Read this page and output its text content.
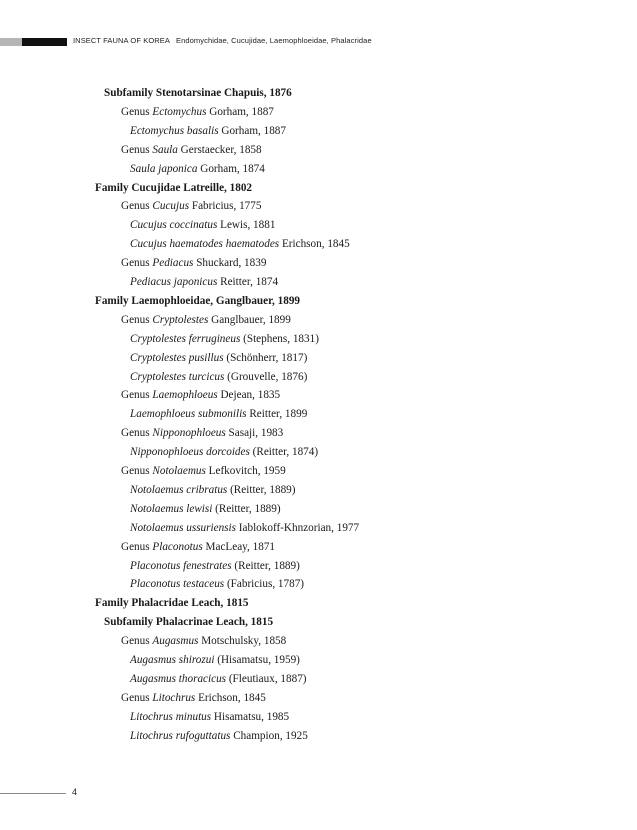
INSECT FAUNA OF KOREA Endomychidae, Cucujidae, Laemophloeidae, Phalacridae
Subfamily Stenotarsinae Chapuis, 1876
Genus Ectomychus Gorham, 1887
Ectomychus basalis Gorham, 1887
Genus Saula Gerstaecker, 1858
Saula japonica Gorham, 1874
Family Cucujidae Latreille, 1802
Genus Cucujus Fabricius, 1775
Cucujus coccinatus Lewis, 1881
Cucujus haematodes haematodes Erichson, 1845
Genus Pediacus Shuckard, 1839
Pediacus japonicus Reitter, 1874
Family Laemophloeidae, Ganglbauer, 1899
Genus Cryptolestes Ganglbauer, 1899
Cryptolestes ferrugineus (Stephens, 1831)
Cryptolestes pusillus (Schönherr, 1817)
Cryptolestes turcicus (Grouvelle, 1876)
Genus Laemophloeus Dejean, 1835
Laemophloeus submonilis Reitter, 1899
Genus Nipponophloeus Sasaji, 1983
Nipponophloeus dorcoides (Reitter, 1874)
Genus Notolaemus Lefkovitch, 1959
Notolaemus cribratus (Reitter, 1889)
Notolaemus lewisi (Reitter, 1889)
Notolaemus ussuriensis Iablokoff-Khnzorian, 1977
Genus Placonotus MacLeay, 1871
Placonotus fenestrates (Reitter, 1889)
Placonotus testaceus (Fabricius, 1787)
Family Phalacridae Leach, 1815
Subfamily Phalacrinae Leach, 1815
Genus Augasmus Motschulsky, 1858
Augasmus shirozui (Hisamatsu, 1959)
Augasmus thoracicus (Fleutiaux, 1887)
Genus Litochrus Erichson, 1845
Litochrus minutus Hisamatsu, 1985
Litochrus rufoguttatus Champion, 1925
4
